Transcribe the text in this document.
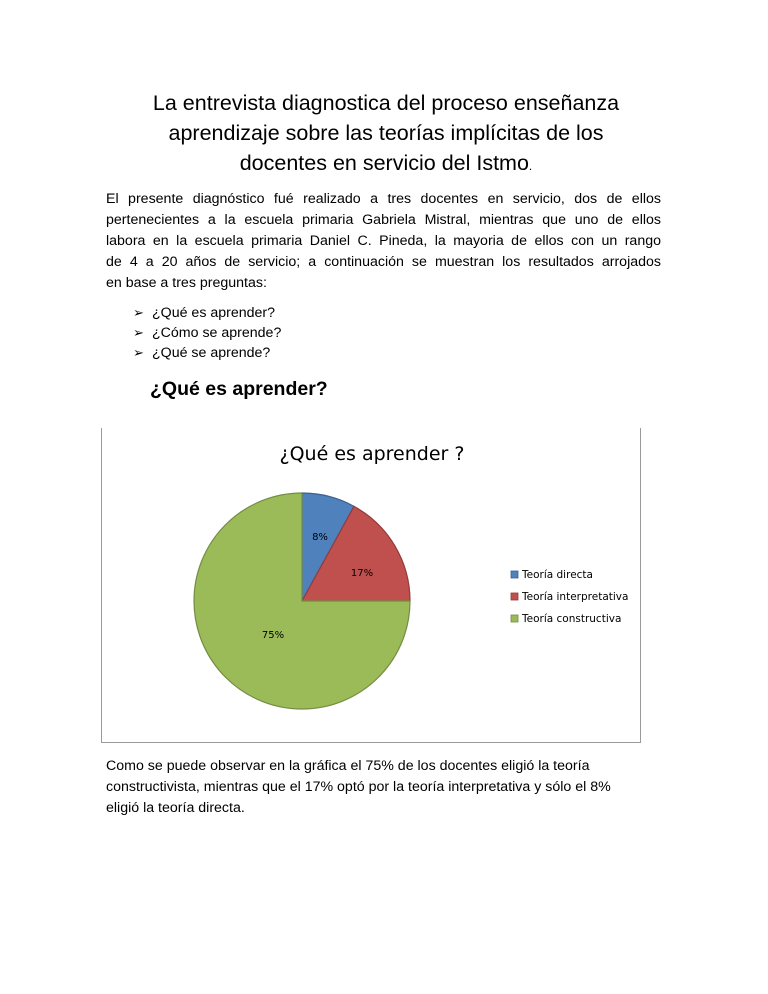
La entrevista diagnostica del proceso enseñanza
aprendizaje sobre las teorías implícitas de los
docentes en servicio del Istmo.
El presente diagnóstico fué realizado a tres docentes en servicio, dos de ellos
pertenecientes a la escuela primaria Gabriela Mistral, mientras que uno de ellos
labora en la escuela primaria Daniel C. Pineda, la mayoria de ellos con un rango
de 4 a 20 años de servicio; a continuación se muestran los resultados arrojados
en base a tres preguntas:
➢ ¿Qué es aprender?
➢ ¿Cómo se aprende?
➢ ¿Qué se aprende?
¿Qué es aprender?
¿Qué es aprender ?
8%
17%
75%
Teoría directa
Teoría interpretativa
Teoría constructiva
Como se puede observar en la gráfica el 75% de los docentes eligió la teoría
constructivista, mientras que el 17% optó por la teoría interpretativa y sólo el 8%
eligió la teoría directa.
